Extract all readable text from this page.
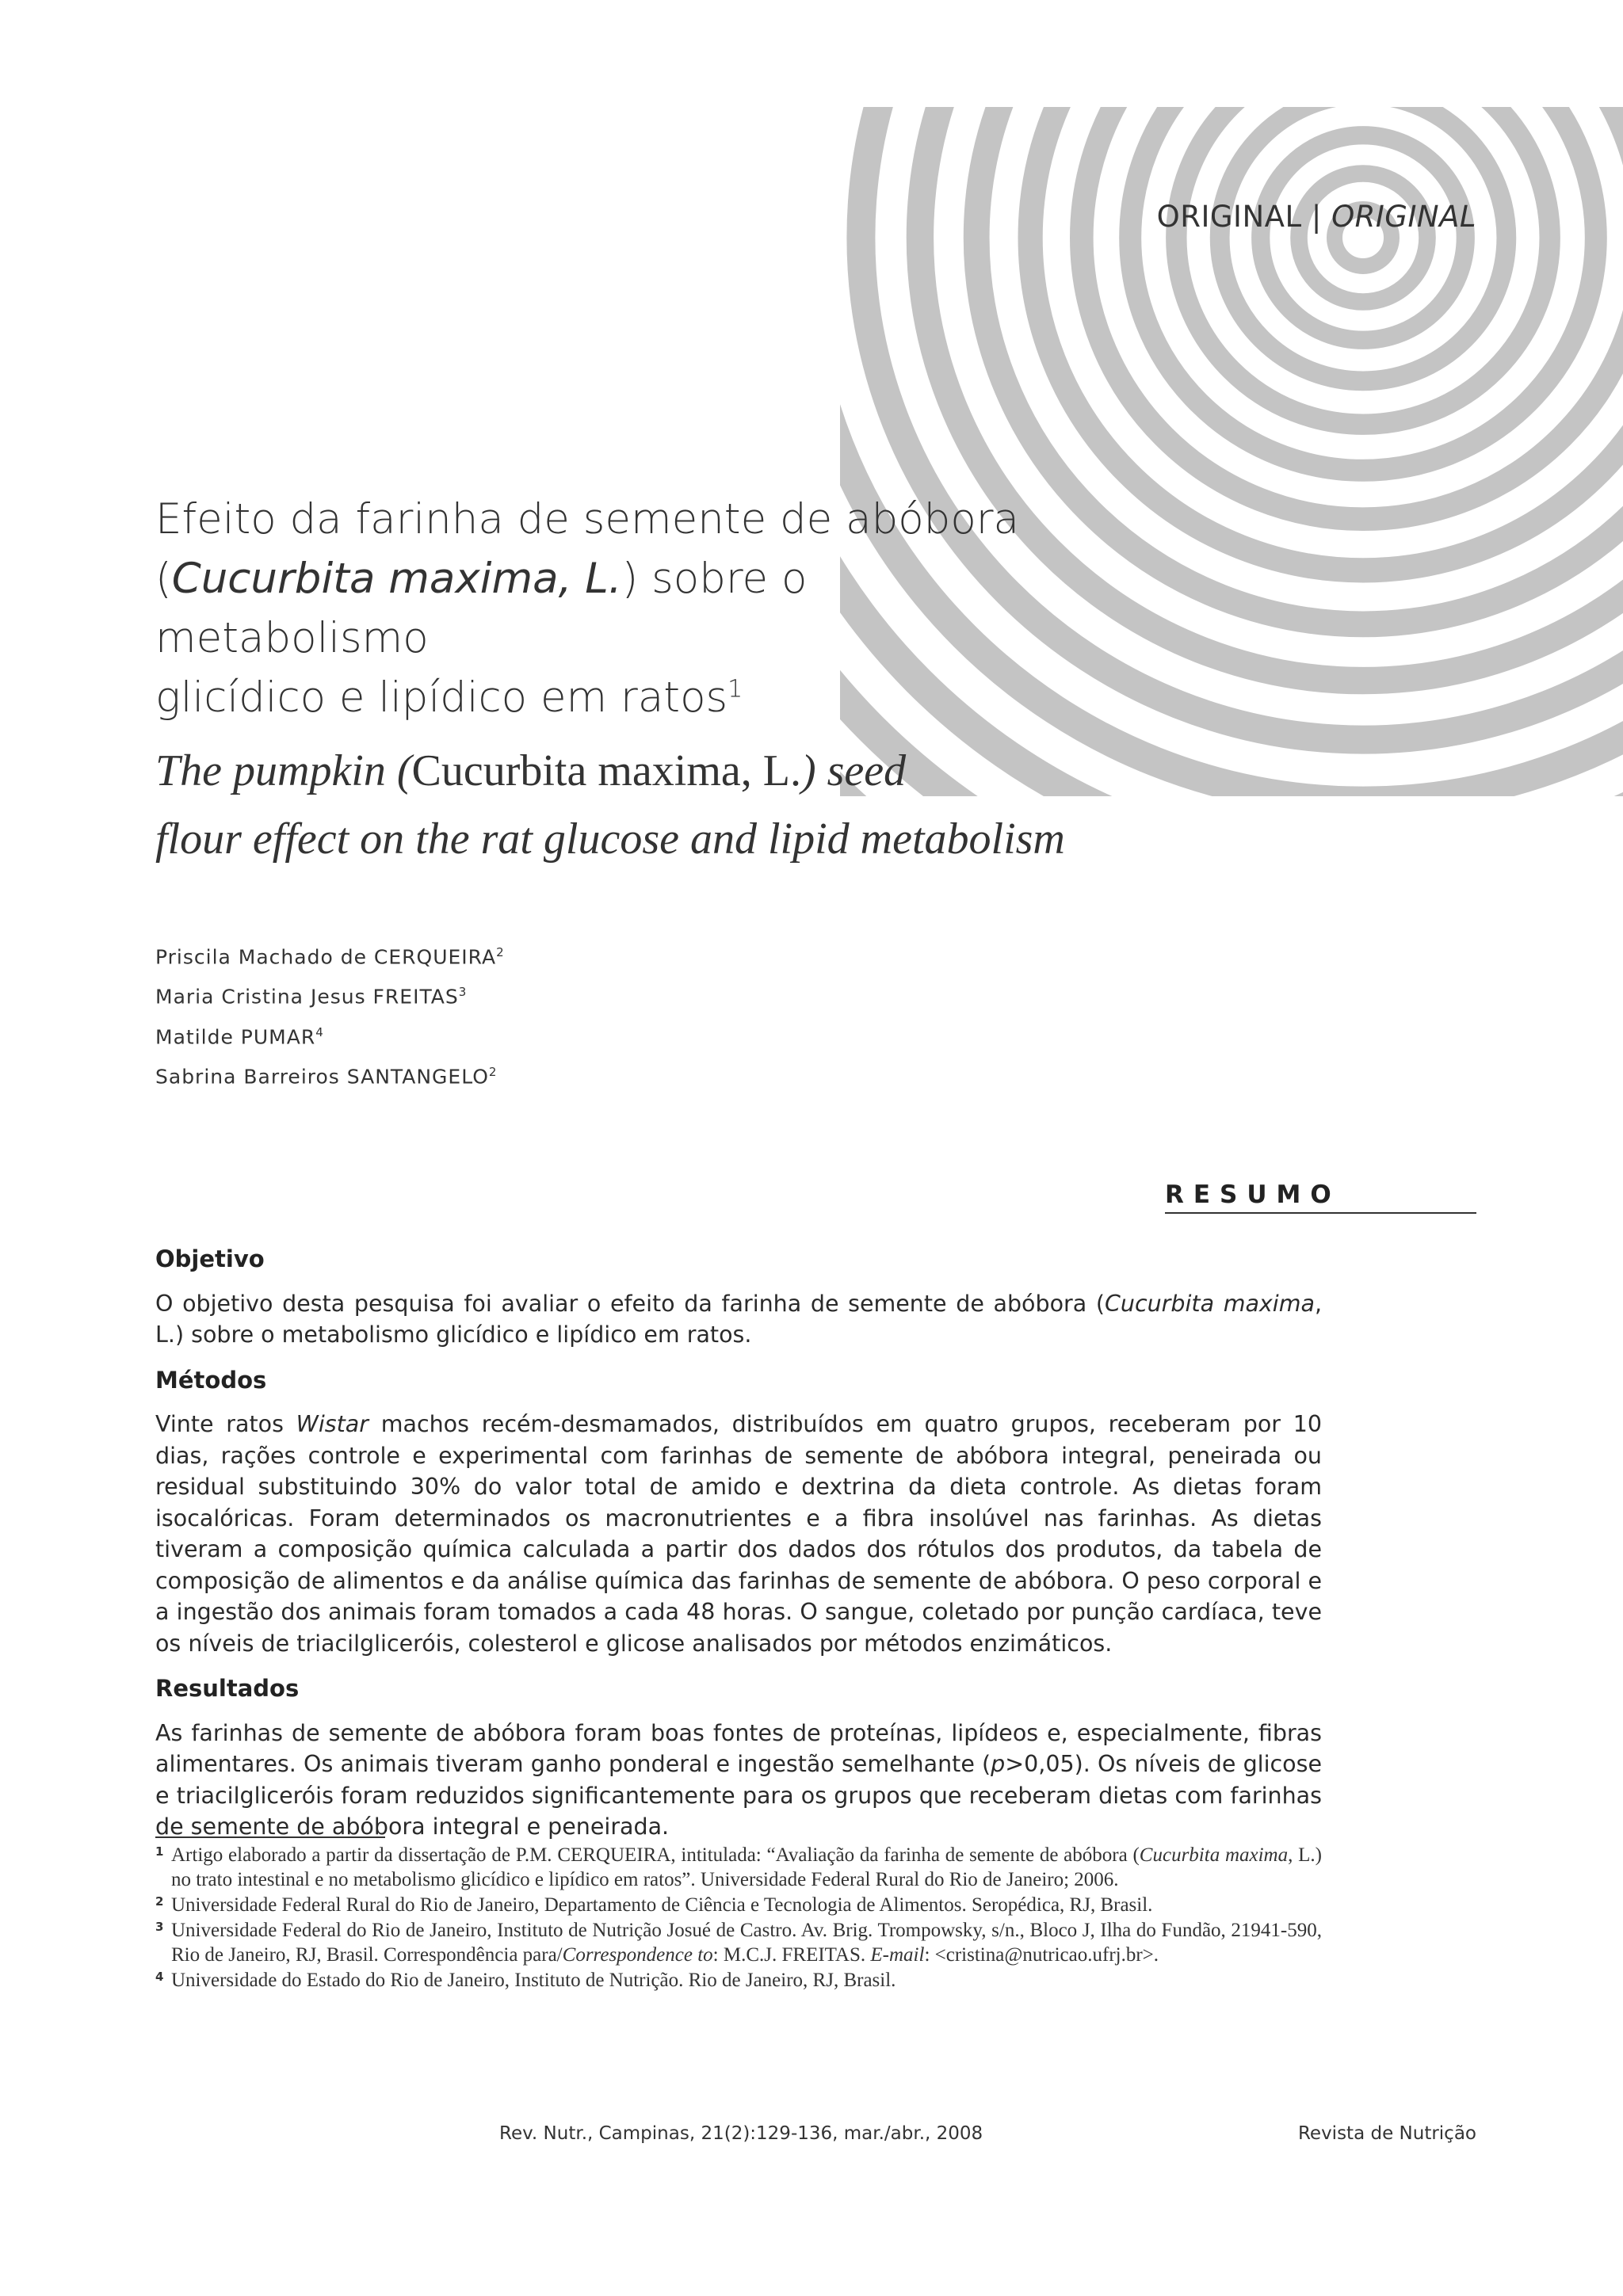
ORIGINAL | ORIGINAL
Efeito da farinha de semente de abóbora
(Cucurbita maxima, L.) sobre o metabolismo
glicídico e lipídico em ratos$^1$
The pumpkin (Cucurbita maxima, L.) seed
flour effect on the rat glucose and lipid metabolism
Priscila Machado de CERQUEIRA$^2$
Maria Cristina Jesus FREITAS$^3$
Matilde PUMAR$^4$
Sabrina Barreiros SANTANGELO$^2$
RESUMO
Objetivo

O objetivo desta pesquisa foi avaliar o efeito da farinha de semente de abóbora (Cucurbita maxima, L.) sobre o metabolismo glicídico e lipídico em ratos.

Métodos

Vinte ratos Wistar machos recém-desmamados, distribuídos em quatro grupos, receberam por 10 dias, rações controle e experimental com farinhas de semente de abóbora integral, peneirada ou residual substituindo 30% do valor total de amido e dextrina da dieta controle. As dietas foram isocalóricas. Foram determinados os macronutrientes e a fibra insolúvel nas farinhas. As dietas tiveram a composição química calculada a partir dos dados dos rótulos dos produtos, da tabela de composição de alimentos e da análise química das farinhas de semente de abóbora. O peso corporal e a ingestão dos animais foram tomados a cada 48 horas. O sangue, coletado por punção cardíaca, teve os níveis de triacilgliceróis, colesterol e glicose analisados por métodos enzimáticos.

Resultados

As farinhas de semente de abóbora foram boas fontes de proteínas, lipídeos e, especialmente, fibras alimentares. Os animais tiveram ganho ponderal e ingestão semelhante (p>0,05). Os níveis de glicose e triacilgliceróis foram reduzidos significantemente para os grupos que receberam dietas com farinhas de semente de abóbora integral e peneirada.

1 Artigo elaborado a partir da dissertação de P.M. CERQUEIRA, intitulada: “Avaliação da farinha de semente de abóbora (Cucurbita maxima, L.) no trato intestinal e no metabolismo glicídico e lipídico em ratos”. Universidade Federal Rural do Rio de Janeiro; 2006.
2 Universidade Federal Rural do Rio de Janeiro, Departamento de Ciência e Tecnologia de Alimentos. Seropédica, RJ, Brasil.
3 Universidade Federal do Rio de Janeiro, Instituto de Nutrição Josué de Castro. Av. Brig. Trompowsky, s/n., Bloco J, Ilha do Fundão, 21941-590, Rio de Janeiro, RJ, Brasil. Correspondência para/Correspondence to: M.C.J. FREITAS. E-mail: <cristina@nutricao.ufrj.br>.
4 Universidade do Estado do Rio de Janeiro, Instituto de Nutrição. Rio de Janeiro, RJ, Brasil.
Rev. Nutr., Campinas, 21(2):129-136, mar./abr., 2008	Revista de Nutrição
